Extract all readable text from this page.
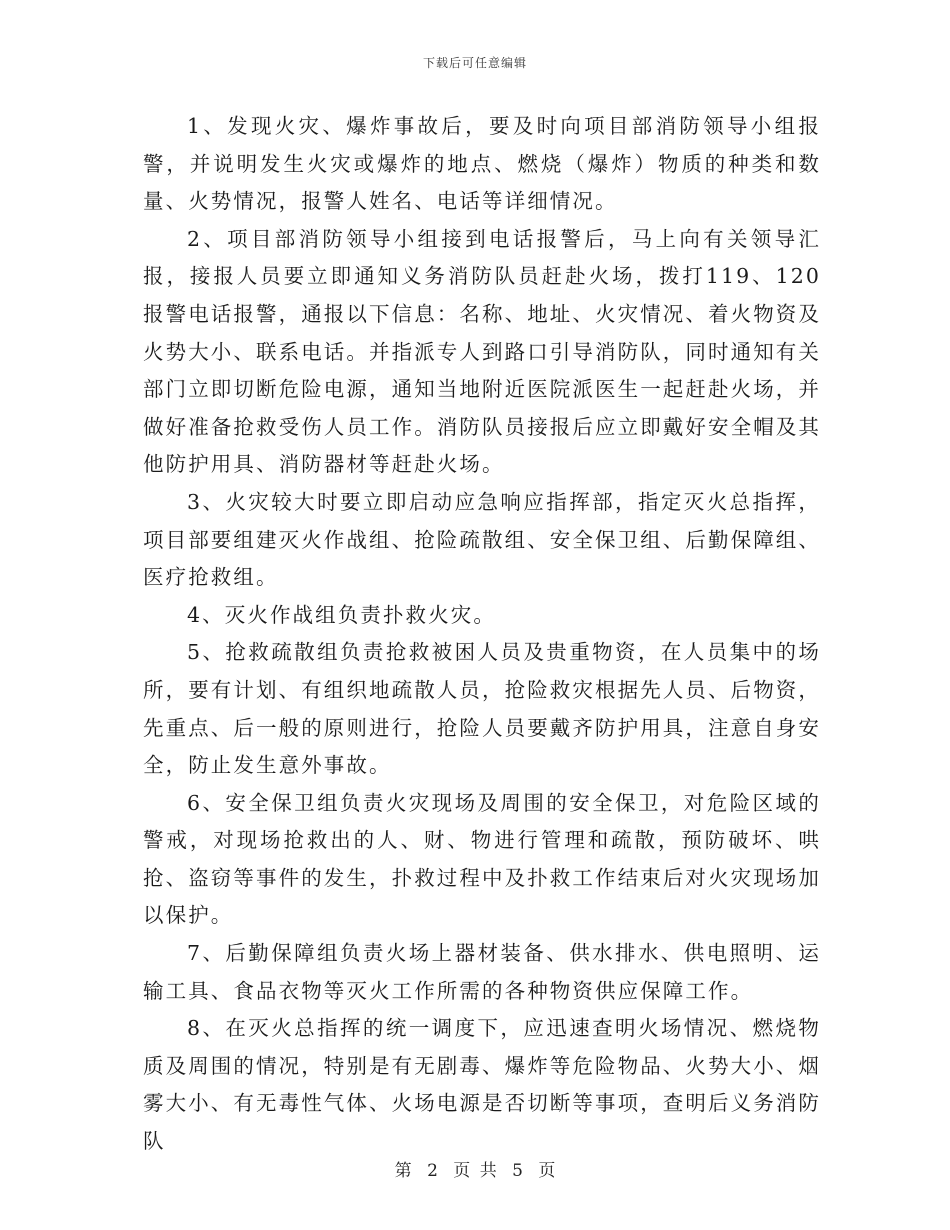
下载后可任意编辑

1、发现火灾、爆炸事故后，要及时向项目部消防领导小组报警，并说明发生火灾或爆炸的地点、燃烧（爆炸）物质的种类和数量、火势情况，报警人姓名、电话等详细情况。

2、项目部消防领导小组接到电话报警后，马上向有关领导汇报，接报人员要立即通知义务消防队员赶赴火场，拨打119、120报警电话报警，通报以下信息：名称、地址、火灾情况、着火物资及火势大小、联系电话。并指派专人到路口引导消防队，同时通知有关部门立即切断危险电源，通知当地附近医院派医生一起赶赴火场，并做好准备抢救受伤人员工作。消防队员接报后应立即戴好安全帽及其他防护用具、消防器材等赶赴火场。

3、火灾较大时要立即启动应急响应指挥部，指定灭火总指挥，项目部要组建灭火作战组、抢险疏散组、安全保卫组、后勤保障组、医疗抢救组。

4、灭火作战组负责扑救火灾。

5、抢救疏散组负责抢救被困人员及贵重物资，在人员集中的场所，要有计划、有组织地疏散人员，抢险救灾根据先人员、后物资，先重点、后一般的原则进行，抢险人员要戴齐防护用具，注意自身安全，防止发生意外事故。

6、安全保卫组负责火灾现场及周围的安全保卫，对危险区域的警戒，对现场抢救出的人、财、物进行管理和疏散，预防破坏、哄抢、盗窃等事件的发生，扑救过程中及扑救工作结束后对火灾现场加以保护。

7、后勤保障组负责火场上器材装备、供水排水、供电照明、运输工具、食品衣物等灭火工作所需的各种物资供应保障工作。

8、在灭火总指挥的统一调度下，应迅速查明火场情况、燃烧物质及周围的情况，特别是有无剧毒、爆炸等危险物品、火势大小、烟雾大小、有无毒性气体、火场电源是否切断等事项，查明后义务消防队

第 2 页 共 5 页
